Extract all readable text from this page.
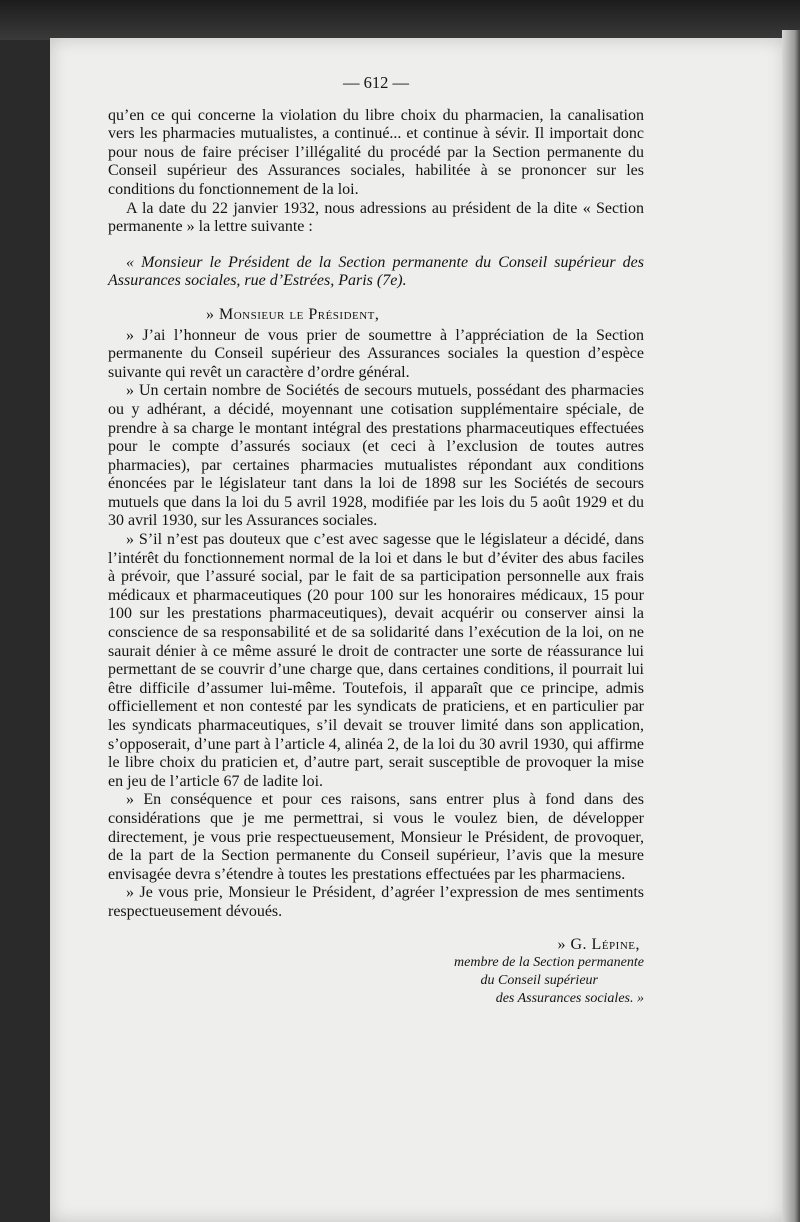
— 612 —

qu’en ce qui concerne la violation du libre choix du pharmacien, la canalisation vers les pharmacies mutualistes, a continué... et continue à sévir. Il importait donc pour nous de faire préciser l’illégalité du procédé par la Section permanente du Conseil supérieur des Assurances sociales, habilitée à se prononcer sur les conditions du fonctionnement de la loi.

A la date du 22 janvier 1932, nous adressions au président de la dite « Section permanente » la lettre suivante :

« Monsieur le Président de la Section permanente du Conseil supérieur des Assurances sociales, rue d’Estrées, Paris (7e).

» Monsieur le Président,

» J’ai l’honneur de vous prier de soumettre à l’appréciation de la Section permanente du Conseil supérieur des Assurances sociales la question d’espèce suivante qui revêt un caractère d’ordre général.

» Un certain nombre de Sociétés de secours mutuels, possédant des pharmacies ou y adhérant, a décidé, moyennant une cotisation supplémentaire spéciale, de prendre à sa charge le montant intégral des prestations pharmaceutiques effectuées pour le compte d’assurés sociaux (et ceci à l’exclusion de toutes autres pharmacies), par certaines pharmacies mutualistes répondant aux conditions énoncées par le législateur tant dans la loi de 1898 sur les Sociétés de secours mutuels que dans la loi du 5 avril 1928, modifiée par les lois du 5 août 1929 et du 30 avril 1930, sur les Assurances sociales.

» S’il n’est pas douteux que c’est avec sagesse que le législateur a décidé, dans l’intérêt du fonctionnement normal de la loi et dans le but d’éviter des abus faciles à prévoir, que l’assuré social, par le fait de sa participation personnelle aux frais médicaux et pharmaceutiques (20 pour 100 sur les honoraires médicaux, 15 pour 100 sur les prestations pharmaceutiques), devait acquérir ou conserver ainsi la conscience de sa responsabilité et de sa solidarité dans l’exécution de la loi, on ne saurait dénier à ce même assuré le droit de contracter une sorte de réassurance lui permettant de se couvrir d’une charge que, dans certaines conditions, il pourrait lui être difficile d’assumer lui-même. Toutefois, il apparaît que ce principe, admis officiellement et non contesté par les syndicats de praticiens, et en particulier par les syndicats pharmaceutiques, s’il devait se trouver limité dans son application, s’opposerait, d’une part à l’article 4, alinéa 2, de la loi du 30 avril 1930, qui affirme le libre choix du praticien et, d’autre part, serait susceptible de provoquer la mise en jeu de l’article 67 de ladite loi.

» En conséquence et pour ces raisons, sans entrer plus à fond dans des considérations que je me permettrai, si vous le voulez bien, de développer directement, je vous prie respectueusement, Monsieur le Président, de provoquer, de la part de la Section permanente du Conseil supérieur, l’avis que la mesure envisagée devra s’étendre à toutes les prestations effectuées par les pharmaciens.

» Je vous prie, Monsieur le Président, d’agréer l’expression de mes sentiments respectueusement dévoués.

» G. Lépine,
membre de la Section permanente
du Conseil supérieur
des Assurances sociales. »
